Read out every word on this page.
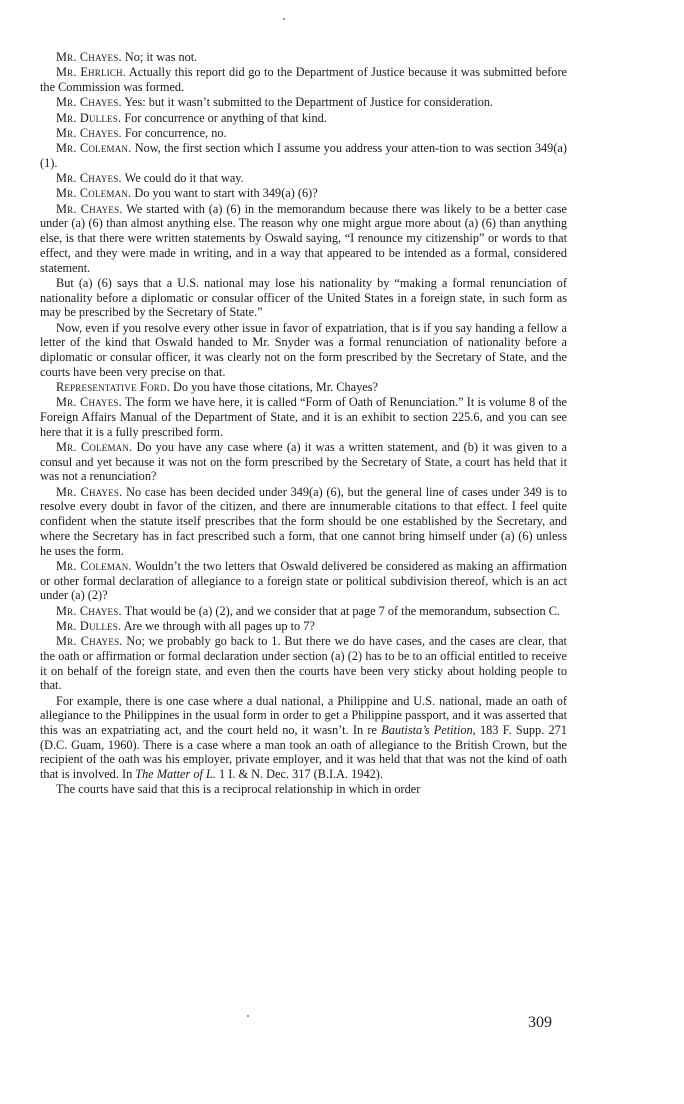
Mr. Chayes. No; it was not.

Mr. Ehrlich. Actually this report did go to the Department of Justice because it was submitted before the Commission was formed.

Mr. Chayes. Yes: but it wasn’t submitted to the Department of Justice for consideration.

Mr. Dulles. For concurrence or anything of that kind.

Mr. Chayes. For concurrence, no.

Mr. Coleman. Now, the first section which I assume you address your atten-tion to was section 349(a) (1).

Mr. Chayes. We could do it that way.

Mr. Coleman. Do you want to start with 349(a) (6)?

Mr. Chayes. We started with (a) (6) in the memorandum because there was likely to be a better case under (a) (6) than almost anything else. The reason why one might argue more about (a) (6) than anything else, is that there were written statements by Oswald saying, “I renounce my citizenship” or words to that effect, and they were made in writing, and in a way that appeared to be intended as a formal, considered statement.

But (a) (6) says that a U.S. national may lose his nationality by “making a formal renunciation of nationality before a diplomatic or consular officer of the United States in a foreign state, in such form as may be prescribed by the Secretary of State.”

Now, even if you resolve every other issue in favor of expatriation, that is if you say handing a fellow a letter of the kind that Oswald handed to Mr. Snyder was a formal renunciation of nationality before a diplomatic or consular officer, it was clearly not on the form prescribed by the Secretary of State, and the courts have been very precise on that.

Representative Ford. Do you have those citations, Mr. Chayes?

Mr. Chayes. The form we have here, it is called “Form of Oath of Renunciation.” It is volume 8 of the Foreign Affairs Manual of the Department of State, and it is an exhibit to section 225.6, and you can see here that it is a fully prescribed form.

Mr. Coleman. Do you have any case where (a) it was a written statement, and (b) it was given to a consul and yet because it was not on the form prescribed by the Secretary of State, a court has held that it was not a renunciation?

Mr. Chayes. No case has been decided under 349(a) (6), but the general line of cases under 349 is to resolve every doubt in favor of the citizen, and there are innumerable citations to that effect. I feel quite confident when the statute itself prescribes that the form should be one established by the Secretary, and where the Secretary has in fact prescribed such a form, that one cannot bring himself under (a) (6) unless he uses the form.

Mr. Coleman. Wouldn’t the two letters that Oswald delivered be considered as making an affirmation or other formal declaration of allegiance to a foreign state or political subdivision thereof, which is an act under (a) (2)?

Mr. Chayes. That would be (a) (2), and we consider that at page 7 of the memorandum, subsection C.

Mr. Dulles. Are we through with all pages up to 7?

Mr. Chayes. No; we probably go back to 1. But there we do have cases, and the cases are clear, that the oath or affirmation or formal declaration under section (a) (2) has to be to an official entitled to receive it on behalf of the foreign state, and even then the courts have been very sticky about holding people to that.

For example, there is one case where a dual national, a Philippine and U.S. national, made an oath of allegiance to the Philippines in the usual form in order to get a Philippine passport, and it was asserted that this was an expatriating act, and the court held no, it wasn’t. In re Bautista’s Petition, 183 F. Supp. 271 (D.C. Guam, 1960). There is a case where a man took an oath of allegiance to the British Crown, but the recipient of the oath was his employer, private employer, and it was held that that was not the kind of oath that is involved. In The Matter of L. 1 I. & N. Dec. 317 (B.I.A. 1942).

The courts have said that this is a reciprocal relationship in which in order

309
